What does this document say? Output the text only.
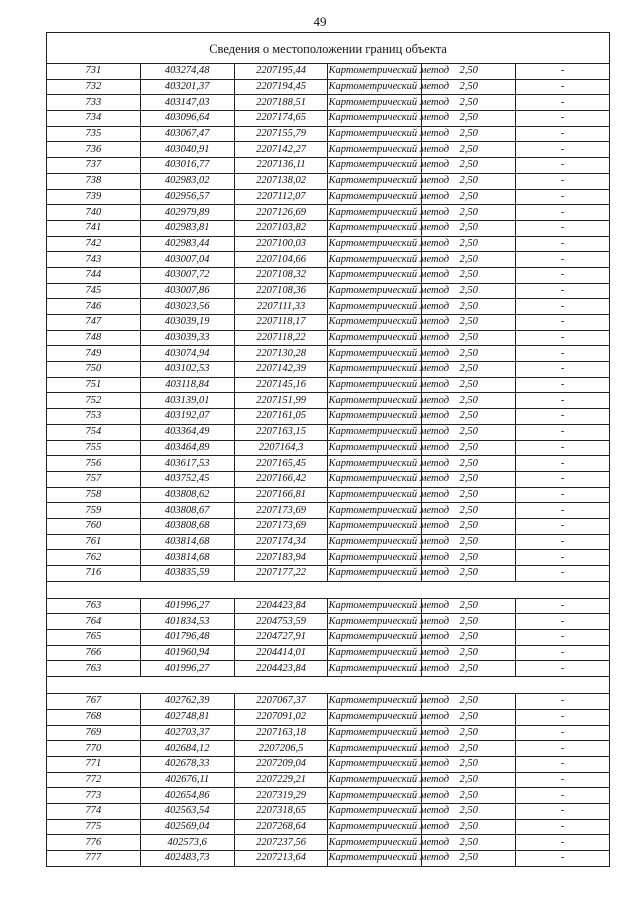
49
Сведения о местоположении границ объекта					
731	403274,48	2207195,44	Картометрический метод	2,50	-
732	403201,37	2207194,45	Картометрический метод	2,50	-
733	403147,03	2207188,51	Картометрический метод	2,50	-
734	403096,64	2207174,65	Картометрический метод	2,50	-
735	403067,47	2207155,79	Картометрический метод	2,50	-
736	403040,91	2207142,27	Картометрический метод	2,50	-
737	403016,77	2207136,11	Картометрический метод	2,50	-
738	402983,02	2207138,02	Картометрический метод	2,50	-
739	402956,57	2207112,07	Картометрический метод	2,50	-
740	402979,89	2207126,69	Картометрический метод	2,50	-
741	402983,81	2207103,82	Картометрический метод	2,50	-
742	402983,44	2207100,03	Картометрический метод	2,50	-
743	403007,04	2207104,66	Картометрический метод	2,50	-
744	403007,72	2207108,32	Картометрический метод	2,50	-
745	403007,86	2207108,36	Картометрический метод	2,50	-
746	403023,56	2207111,33	Картометрический метод	2,50	-
747	403039,19	2207118,17	Картометрический метод	2,50	-
748	403039,33	2207118,22	Картометрический метод	2,50	-
749	403074,94	2207130,28	Картометрический метод	2,50	-
750	403102,53	2207142,39	Картометрический метод	2,50	-
751	403118,84	2207145,16	Картометрический метод	2,50	-
752	403139,01	2207151,99	Картометрический метод	2,50	-
753	403192,07	2207161,05	Картометрический метод	2,50	-
754	403364,49	2207163,15	Картометрический метод	2,50	-
755	403464,89	2207164,3	Картометрический метод	2,50	-
756	403617,53	2207165,45	Картометрический метод	2,50	-
757	403752,45	2207166,42	Картометрический метод	2,50	-
758	403808,62	2207166,81	Картометрический метод	2,50	-
759	403808,67	2207173,69	Картометрический метод	2,50	-
760	403808,68	2207173,69	Картометрический метод	2,50	-
761	403814,68	2207174,34	Картометрический метод	2,50	-
762	403814,68	2207183,94	Картометрический метод	2,50	-
716	403835,59	2207177,22	Картометрический метод	2,50	-

763	401996,27	2204423,84	Картометрический метод	2,50	-
764	401834,53	2204753,59	Картометрический метод	2,50	-
765	401796,48	2204727,91	Картометрический метод	2,50	-
766	401960,94	2204414,01	Картометрический метод	2,50	-
763	401996,27	2204423,84	Картометрический метод	2,50	-

767	402762,39	2207067,37	Картометрический метод	2,50	-
768	402748,81	2207091,02	Картометрический метод	2,50	-
769	402703,37	2207163,18	Картометрический метод	2,50	-
770	402684,12	2207206,5	Картометрический метод	2,50	-
771	402678,33	2207209,04	Картометрический метод	2,50	-
772	402676,11	2207229,21	Картометрический метод	2,50	-
773	402654,86	2207319,29	Картометрический метод	2,50	-
774	402563,54	2207318,65	Картометрический метод	2,50	-
775	402569,04	2207268,64	Картометрический метод	2,50	-
776	402573,6	2207237,56	Картометрический метод	2,50	-
777	402483,73	2207213,64	Картометрический метод	2,50	-
